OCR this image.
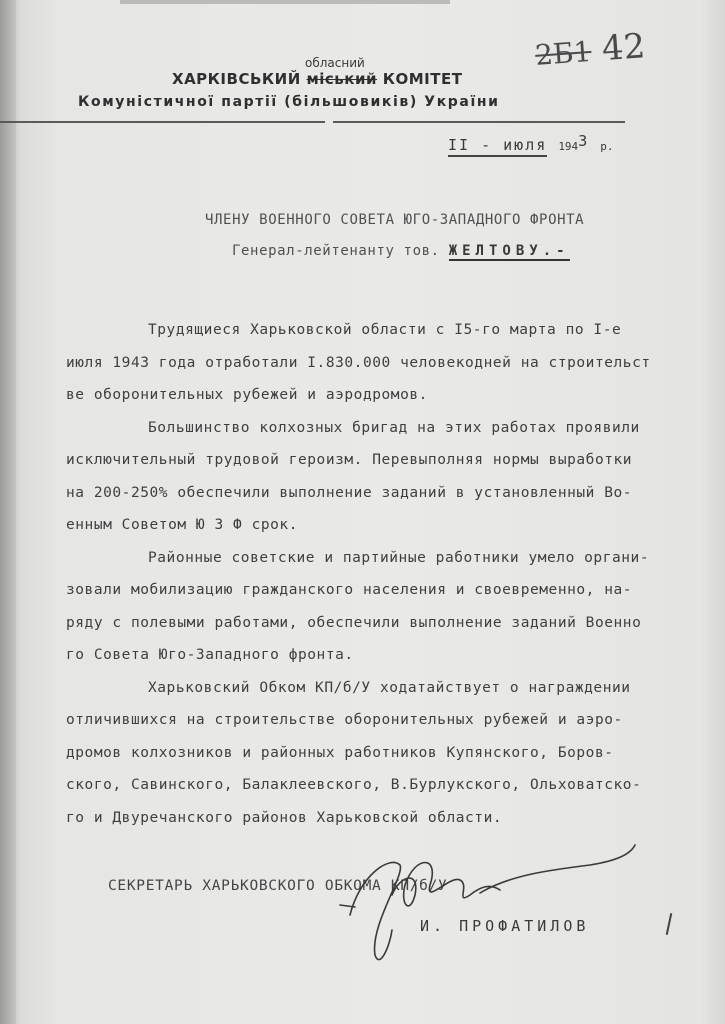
2Б1 42
обласний
ХАРКІВСЬКИЙ міський КОМІТЕТ
Комуністичної партії (більшовиків) України
II - июля 1943 р.
ЧЛЕНУ ВОЕННОГО СОВЕТА ЮГО-ЗАПАДНОГО ФРОНТА
Генерал-лейтенанту тов. ЖЕЛТОВУ.-
Трудящиеся Харьковской области с I5-го марта по I-е
июля 1943 года отработали I.830.000 человекодней на строительст
ве оборонительных рубежей и аэродромов.
Большинство колхозных бригад на этих работах проявили
исключительный трудовой героизм. Перевыполняя нормы выработки
на 200-250% обеспечили выполнение заданий в установленный Во-
енным Советом Ю З Ф срок.
Районные советские и партийные работники умело органи-
зовали мобилизацию гражданского населения и своевременно, на-
ряду с полевыми работами, обеспечили выполнение заданий Военно
го Совета Юго-Западного фронта.
Харьковский Обком КП/б/У ходатайствует о награждении
отличившихся на строительстве оборонительных рубежей и аэро-
дромов колхозников и районных работников Купянского, Боров-
ского, Савинского, Балаклеевского, В.Бурлукского, Ольховатско-
го и Двуречанского районов Харьковской области.
СЕКРЕТАРЬ ХАРЬКОВСКОГО ОБКОМА КП/б/У
И. ПРОФАТИЛОВ
